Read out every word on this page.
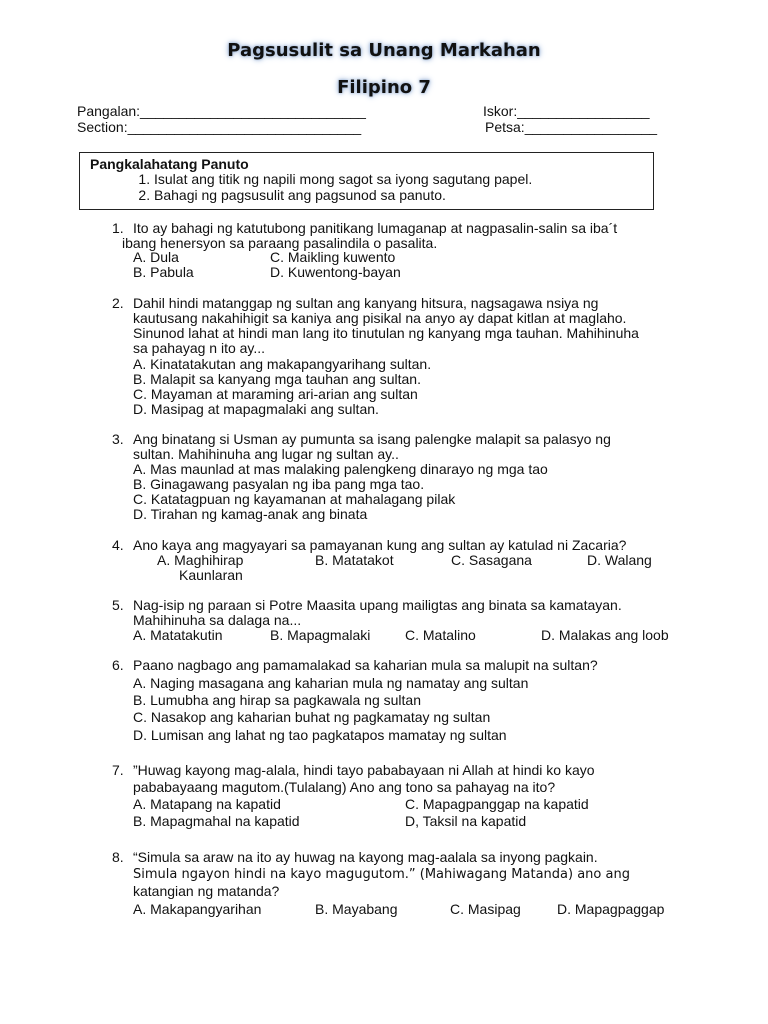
Pagsusulit sa Unang Markahan
Filipino 7
Pangalan:_____________________________
Section:______________________________
Iskor:_________________
Petsa:_________________
Pangkalahatang Panuto
1. Isulat ang titik ng napili mong sagot sa iyong sagutang papel.
2. Bahagi ng pagsusulit ang pagsunod sa panuto.
1. Ito ay bahagi ng katutubong panitikang lumaganap at nagpasalin-salin sa iba´t
ibang henersyon sa paraang pasalindila o pasalita.
A. Dula	C. Maikling kuwento
B. Pabula	D. Kuwentong-bayan
2. Dahil hindi matanggap ng sultan ang kanyang hitsura, nagsagawa nsiya ng
kautusang nakahihigit sa kaniya ang pisikal na anyo ay dapat kitlan at maglaho.
Sinunod lahat at hindi man lang ito tinutulan ng kanyang mga tauhan. Mahihinuha
sa pahayag n ito ay...
A. Kinatatakutan ang makapangyarihang sultan.
B. Malapit sa kanyang mga tauhan ang sultan.
C. Mayaman at maraming ari-arian ang sultan
D. Masipag at mapagmalaki ang sultan.
3. Ang binatang si Usman ay pumunta sa isang palengke malapit sa palasyo ng
sultan. Mahihinuha ang lugar ng sultan ay..
A. Mas maunlad at mas malaking palengkeng dinarayo ng mga tao
B. Ginagawang pasyalan ng iba pang mga tao.
C. Katatagpuan ng kayamanan at mahalagang pilak
D. Tirahan ng kamag-anak ang binata
4. Ano kaya ang magyayari sa pamayanan kung ang sultan ay katulad ni Zacaria?
A. Maghihirap	B. Matatakot	C. Sasagana	D. Walang
Kaunlaran
5. Nag-isip ng paraan si Potre Maasita upang mailigtas ang binata sa kamatayan.
Mahihinuha sa dalaga na...
A. Matatakutin	B. Mapagmalaki C. Matalino	D. Malakas ang loob
6. Paano nagbago ang pamamalakad sa kaharian mula sa malupit na sultan?
A. Naging masagana ang kaharian mula ng namatay ang sultan
B. Lumubha ang hirap sa pagkawala ng sultan
C. Nasakop ang kaharian buhat ng pagkamatay ng sultan
D. Lumisan ang lahat ng tao pagkatapos mamatay ng sultan
7. ”Huwag kayong mag-alala, hindi tayo pababayaan ni Allah at hindi ko kayo
pababayaang magutom.(Tulalang) Ano ang tono sa pahayag na ito?
A. Matapang na kapatid	C. Mapagpanggap na kapatid
B. Mapagmahal na kapatid	D, Taksil na kapatid
8. “Simula sa araw na ito ay huwag na kayong mag-aalala sa inyong pagkain.
Simula ngayon hindi na kayo magugutom.” (Mahiwagang Matanda) ano ang
katangian ng matanda?
A. Makapangyarihan	B. Mayabang	C. Masipag	D. Mapagpaggap
